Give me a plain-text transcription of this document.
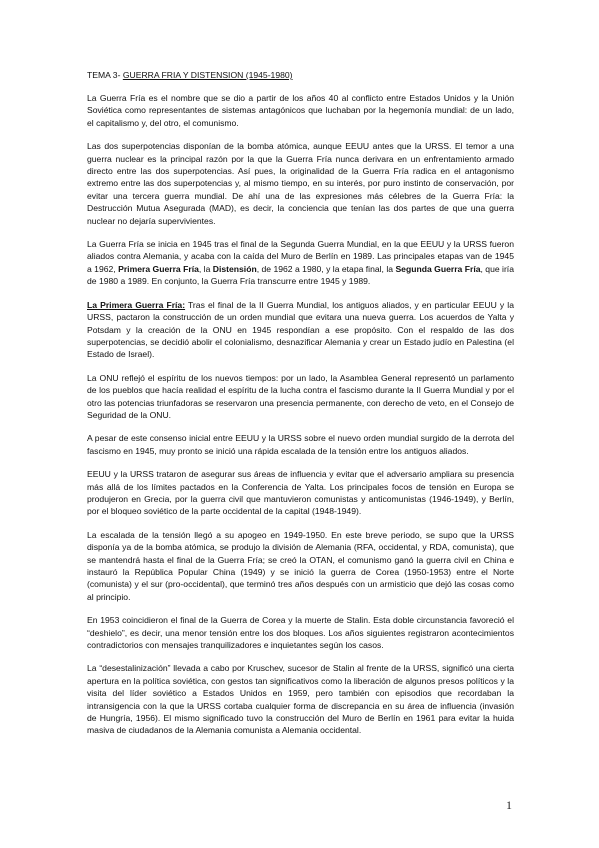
TEMA 3- GUERRA FRIA Y DISTENSION (1945-1980)

La Guerra Fría es el nombre que se dio a partir de los años 40 al conflicto entre Estados Unidos y la Unión Soviética como representantes de sistemas antagónicos que luchaban por la hegemonía mundial: de un lado, el capitalismo y, del otro, el comunismo.

Las dos superpotencias disponían de la bomba atómica, aunque EEUU antes que la URSS. El temor a una guerra nuclear es la principal razón por la que la Guerra Fría nunca derivara en un enfrentamiento armado directo entre las dos superpotencias. Así pues, la originalidad de la Guerra Fría radica en el antagonismo extremo entre las dos superpotencias y, al mismo tiempo, en su interés, por puro instinto de conservación, por evitar una tercera guerra mundial. De ahí una de las expresiones más célebres de la Guerra Fría: la Destrucción Mutua Asegurada (MAD), es decir, la conciencia que tenían las dos partes de que una guerra nuclear no dejaría supervivientes.

La Guerra Fría se inicia en 1945 tras el final de la Segunda Guerra Mundial, en la que EEUU y la URSS fueron aliados contra Alemania, y acaba con la caída del Muro de Berlín en 1989. Las principales etapas van de 1945 a 1962, Primera Guerra Fría, la Distensión, de 1962 a 1980, y la etapa final, la Segunda Guerra Fría, que iría de 1980 a 1989. En conjunto, la Guerra Fría transcurre entre 1945 y 1989.

La Primera Guerra Fría: Tras el final de la II Guerra Mundial, los antiguos aliados, y en particular EEUU y la URSS, pactaron la construcción de un orden mundial que evitara una nueva guerra. Los acuerdos de Yalta y Potsdam y la creación de la ONU en 1945 respondían a ese propósito. Con el respaldo de las dos superpotencias, se decidió abolir el colonialismo, desnazificar Alemania y crear un Estado judío en Palestina (el Estado de Israel).

La ONU reflejó el espíritu de los nuevos tiempos: por un lado, la Asamblea General representó un parlamento de los pueblos que hacía realidad el espíritu de la lucha contra el fascismo durante la II Guerra Mundial y por el otro las potencias triunfadoras se reservaron una presencia permanente, con derecho de veto, en el Consejo de Seguridad de la ONU.

A pesar de este consenso inicial entre EEUU y la URSS sobre el nuevo orden mundial surgido de la derrota del fascismo en 1945, muy pronto se inició una rápida escalada de la tensión entre los antiguos aliados.

EEUU y la URSS trataron de asegurar sus áreas de influencia y evitar que el adversario ampliara su presencia más allá de los límites pactados en la Conferencia de Yalta. Los principales focos de tensión en Europa se produjeron en Grecia, por la guerra civil que mantuvieron comunistas y anticomunistas (1946-1949), y Berlín, por el bloqueo soviético de la parte occidental de la capital (1948-1949).

La escalada de la tensión llegó a su apogeo en 1949-1950. En este breve periodo, se supo que la URSS disponía ya de la bomba atómica, se produjo la división de Alemania (RFA, occidental, y RDA, comunista), que se mantendrá hasta el final de la Guerra Fría; se creó la OTAN, el comunismo ganó la guerra civil en China e instauró la República Popular China (1949) y se inició la guerra de Corea (1950-1953) entre el Norte (comunista) y el sur (pro-occidental), que terminó tres años después con un armisticio que dejó las cosas como al principio.

En 1953 coincidieron el final de la Guerra de Corea y la muerte de Stalin. Esta doble circunstancia favoreció el “deshielo”, es decir, una menor tensión entre los dos bloques. Los años siguientes registraron acontecimientos contradictorios con mensajes tranquilizadores e inquietantes según los casos.

La “desestalinización” llevada a cabo por Kruschev, sucesor de Stalin al frente de la URSS, significó una cierta apertura en la política soviética, con gestos tan significativos como la liberación de algunos presos políticos y la visita del líder soviético a Estados Unidos en 1959, pero también con episodios que recordaban la intransigencia con la que la URSS cortaba cualquier forma de discrepancia en su área de influencia (invasión de Hungría, 1956). El mismo significado tuvo la construcción del Muro de Berlín en 1961 para evitar la huida masiva de ciudadanos de la Alemania comunista a Alemania occidental.

1
